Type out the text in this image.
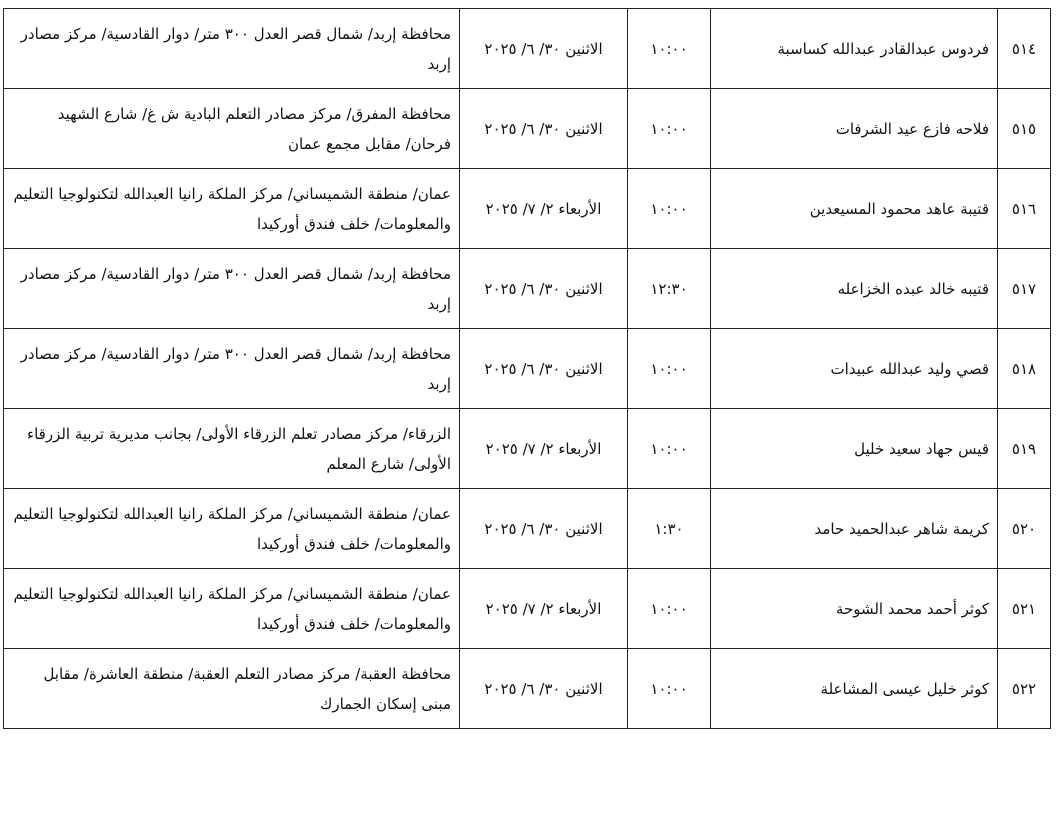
٥١٤	فردوس عبدالقادر عبدالله كساسبة	١٠:٠٠	الاثنين ٣٠/ ٦/ ٢٠٢٥	محافظة إربد/ شمال قصر العدل ٣٠٠ متر/ دوار القادسية/ مركز مصادر إربد
٥١٥	فلاحه فازع عيد الشرفات	١٠:٠٠	الاثنين ٣٠/ ٦/ ٢٠٢٥	محافظة المفرق/ مركز مصادر التعلم البادية ش غ/ شارع الشهيد فرحان/ مقابل مجمع عمان
٥١٦	قتيبة عاهد محمود المسيعدين	١٠:٠٠	الأربعاء ٢/ ٧/ ٢٠٢٥	عمان/ منطقة الشميساني/ مركز الملكة رانيا العبدالله لتكنولوجيا التعليم والمعلومات/ خلف فندق أوركيدا
٥١٧	قتيبه خالد عبده الخزاعله	١٢:٣٠	الاثنين ٣٠/ ٦/ ٢٠٢٥	محافظة إربد/ شمال قصر العدل ٣٠٠ متر/ دوار القادسية/ مركز مصادر إربد
٥١٨	قصي وليد عبدالله عبيدات	١٠:٠٠	الاثنين ٣٠/ ٦/ ٢٠٢٥	محافظة إربد/ شمال قصر العدل ٣٠٠ متر/ دوار القادسية/ مركز مصادر إربد
٥١٩	قيس جهاد سعيد خليل	١٠:٠٠	الأربعاء ٢/ ٧/ ٢٠٢٥	الزرقاء/ مركز مصادر تعلم الزرقاء الأولى/ بجانب مديرية تربية الزرقاء الأولى/ شارع المعلم
٥٢٠	كريمة شاهر عبدالحميد حامد	١:٣٠	الاثنين ٣٠/ ٦/ ٢٠٢٥	عمان/ منطقة الشميساني/ مركز الملكة رانيا العبدالله لتكنولوجيا التعليم والمعلومات/ خلف فندق أوركيدا
٥٢١	كوثر أحمد محمد الشوحة	١٠:٠٠	الأربعاء ٢/ ٧/ ٢٠٢٥	عمان/ منطقة الشميساني/ مركز الملكة رانيا العبدالله لتكنولوجيا التعليم والمعلومات/ خلف فندق أوركيدا
٥٢٢	كوثر خليل عيسى المشاعلة	١٠:٠٠	الاثنين ٣٠/ ٦/ ٢٠٢٥	محافظة العقبة/ مركز مصادر التعلم العقبة/ منطقة العاشرة/ مقابل مبنى إسكان الجمارك
